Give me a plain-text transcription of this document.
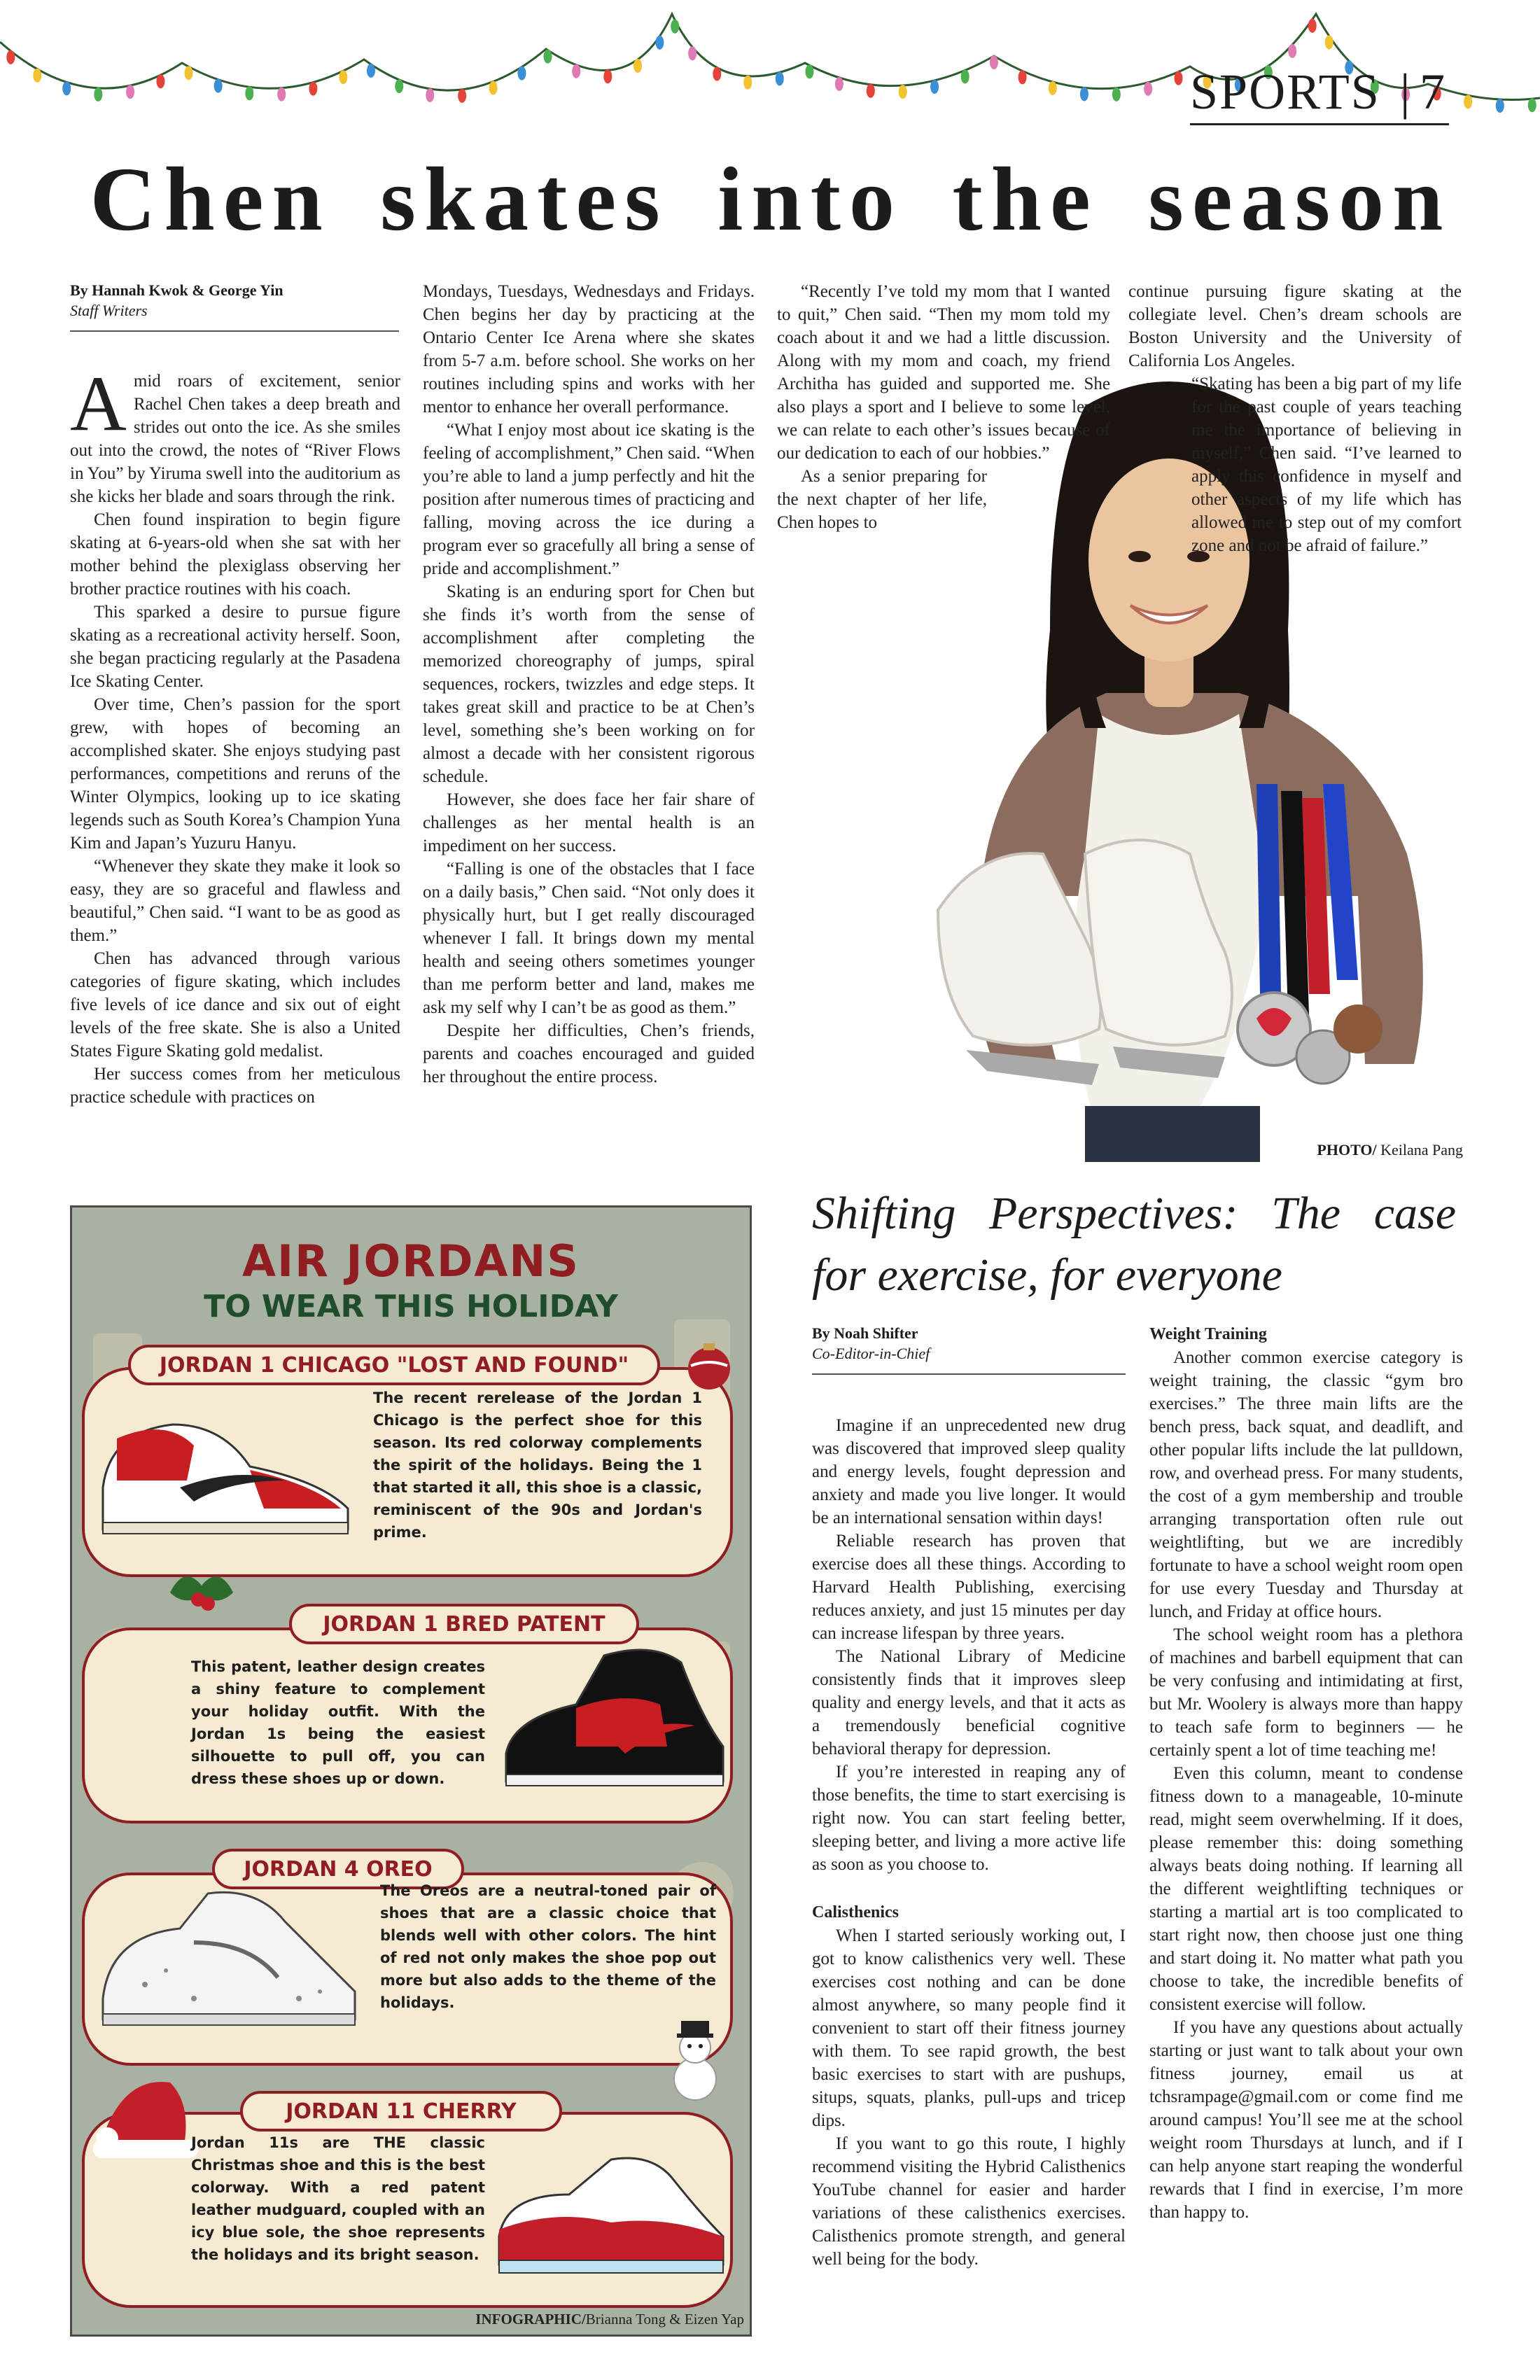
SPORTS | 7
Chen skates into the season
By Hannah Kwok & George Yin
Staff Writers

Amid roars of excitement, senior Rachel Chen takes a deep breath and strides out onto the ice. As she smiles out into the crowd, the notes of “River Flows in You” by Yiruma swell into the auditorium as she kicks her blade and soars through the rink.

Chen found inspiration to begin figure skating at 6-years-old when she sat with her mother behind the plexiglass observing her brother practice routines with his coach.

This sparked a desire to pursue figure skating as a recreational activity herself. Soon, she began practicing regularly at the Pasadena Ice Skating Center.

Over time, Chen’s passion for the sport grew, with hopes of becoming an accomplished skater. She enjoys studying past performances, competitions and reruns of the Winter Olympics, looking up to ice skating legends such as South Korea’s Champion Yuna Kim and Japan’s Yuzuru Hanyu.

“Whenever they skate they make it look so easy, they are so graceful and flawless and beautiful,” Chen said. “I want to be as good as them.”

Chen has advanced through various categories of figure skating, which includes five levels of ice dance and six out of eight levels of the free skate. She is also a United States Figure Skating gold medalist.

Her success comes from her meticulous practice schedule with practices on

Mondays, Tuesdays, Wednesdays and Fridays. Chen begins her day by practicing at the Ontario Center Ice Arena where she skates from 5-7 a.m. before school. She works on her routines including spins and works with her mentor to enhance her overall performance.

“What I enjoy most about ice skating is the feeling of accomplishment,” Chen said. “When you’re able to land a jump perfectly and hit the position after numerous times of practicing and falling, moving across the ice during a program ever so gracefully all bring a sense of pride and accomplishment.”

Skating is an enduring sport for Chen but she finds it’s worth from the sense of accomplishment after completing the memorized choreography of jumps, spiral sequences, rockers, twizzles and edge steps. It takes great skill and practice to be at Chen’s level, something she’s been working on for almost a decade with her consistent rigorous schedule.

However, she does face her fair share of challenges as her mental health is an impediment on her success.

“Falling is one of the obstacles that I face on a daily basis,” Chen said. “Not only does it physically hurt, but I get really discouraged whenever I fall. It brings down my mental health and seeing others sometimes younger than me perform better and land, makes me ask my self why I can’t be as good as them.”

Despite her difficulties, Chen’s friends, parents and coaches encouraged and guided her throughout the entire process.

“Recently I’ve told my mom that I wanted to quit,” Chen said. “Then my mom told my coach about it and we had a little discussion. Along with my mom and coach, my friend Architha has guided and supported me. She also plays a sport and I believe to some level, we can relate to each other’s issues because of our dedication to each of our hobbies.”

As a senior preparing for the next chapter of her life, Chen hopes to

continue pursuing figure skating at the collegiate level. Chen’s dream schools are Boston University and the University of California Los Angeles.

“Skating has been a big part of my life for the past couple of years teaching me the importance of believing in myself,” Chen said. “I’ve learned to apply this confidence in myself and other aspects of my life which has allowed me to step out of my comfort zone and not be afraid of failure.”

PHOTO/ Keilana Pang
AIR JORDANS
TO WEAR THIS HOLIDAY
JORDAN 1 CHICAGO "LOST AND FOUND"
The recent rerelease of the Jordan 1 Chicago is the perfect shoe for this season. Its red colorway complements the spirit of the holidays. Being the 1 that started it all, this shoe is a classic, reminiscent of the 90s and Jordan's prime.
JORDAN 1 BRED PATENT
This patent, leather design creates a shiny feature to complement your holiday outfit. With the Jordan 1s being the easiest silhouette to pull off, you can dress these shoes up or down.
JORDAN 4 OREO
The Oreos are a neutral-toned pair of shoes that are a classic choice that blends well with other colors. The hint of red not only makes the shoe pop out more but also adds to the theme of the holidays.
JORDAN 11 CHERRY
Jordan 11s are THE classic Christmas shoe and this is the best colorway. With a red patent leather mudguard, coupled with an icy blue sole, the shoe represents the holidays and its bright season.
INFOGRAPHIC/Brianna Tong & Eizen Yap
Shifting Perspectives: The case for exercise, for everyone
By Noah Shifter
Co-Editor-in-Chief

Imagine if an unprecedented new drug was discovered that improved sleep quality and energy levels, fought depression and anxiety and made you live longer. It would be an international sensation within days!

Reliable research has proven that exercise does all these things. According to Harvard Health Publishing, exercising reduces anxiety, and just 15 minutes per day can increase lifespan by three years.

The National Library of Medicine consistently finds that it improves sleep quality and energy levels, and that it acts as a tremendously beneficial cognitive behavioral therapy for depression.

If you’re interested in reaping any of those benefits, the time to start exercising is right now. You can start feeling better, sleeping better, and living a more active life as soon as you choose to.

Calisthenics

When I started seriously working out, I got to know calisthenics very well. These exercises cost nothing and can be done almost anywhere, so many people find it convenient to start off their fitness journey with them. To see rapid growth, the best basic exercises to start with are pushups, situps, squats, planks, pull-ups and tricep dips.

If you want to go this route, I highly recommend visiting the Hybrid Calisthenics YouTube channel for easier and harder variations of these calisthenics exercises. Calisthenics promote strength, and general well being for the body.

Weight Training

Another common exercise category is weight training, the classic “gym bro exercises.” The three main lifts are the bench press, back squat, and deadlift, and other popular lifts include the lat pulldown, row, and overhead press. For many students, the cost of a gym membership and trouble arranging transportation often rule out weightlifting, but we are incredibly fortunate to have a school weight room open for use every Tuesday and Thursday at lunch, and Friday at office hours.

The school weight room has a plethora of machines and barbell equipment that can be very confusing and intimidating at first, but Mr. Woolery is always more than happy to teach safe form to beginners — he certainly spent a lot of time teaching me!

Even this column, meant to condense fitness down to a manageable, 10-minute read, might seem overwhelming. If it does, please remember this: doing something always beats doing nothing. If learning all the different weightlifting techniques or starting a martial art is too complicated to start right now, then choose just one thing and start doing it. No matter what path you choose to take, the incredible benefits of consistent exercise will follow.

If you have any questions about actually starting or just want to talk about your own fitness journey, email us at tchsrampage@gmail.com or come find me around campus! You’ll see me at the school weight room Thursdays at lunch, and if I can help anyone start reaping the wonderful rewards that I find in exercise, I’m more than happy to.
